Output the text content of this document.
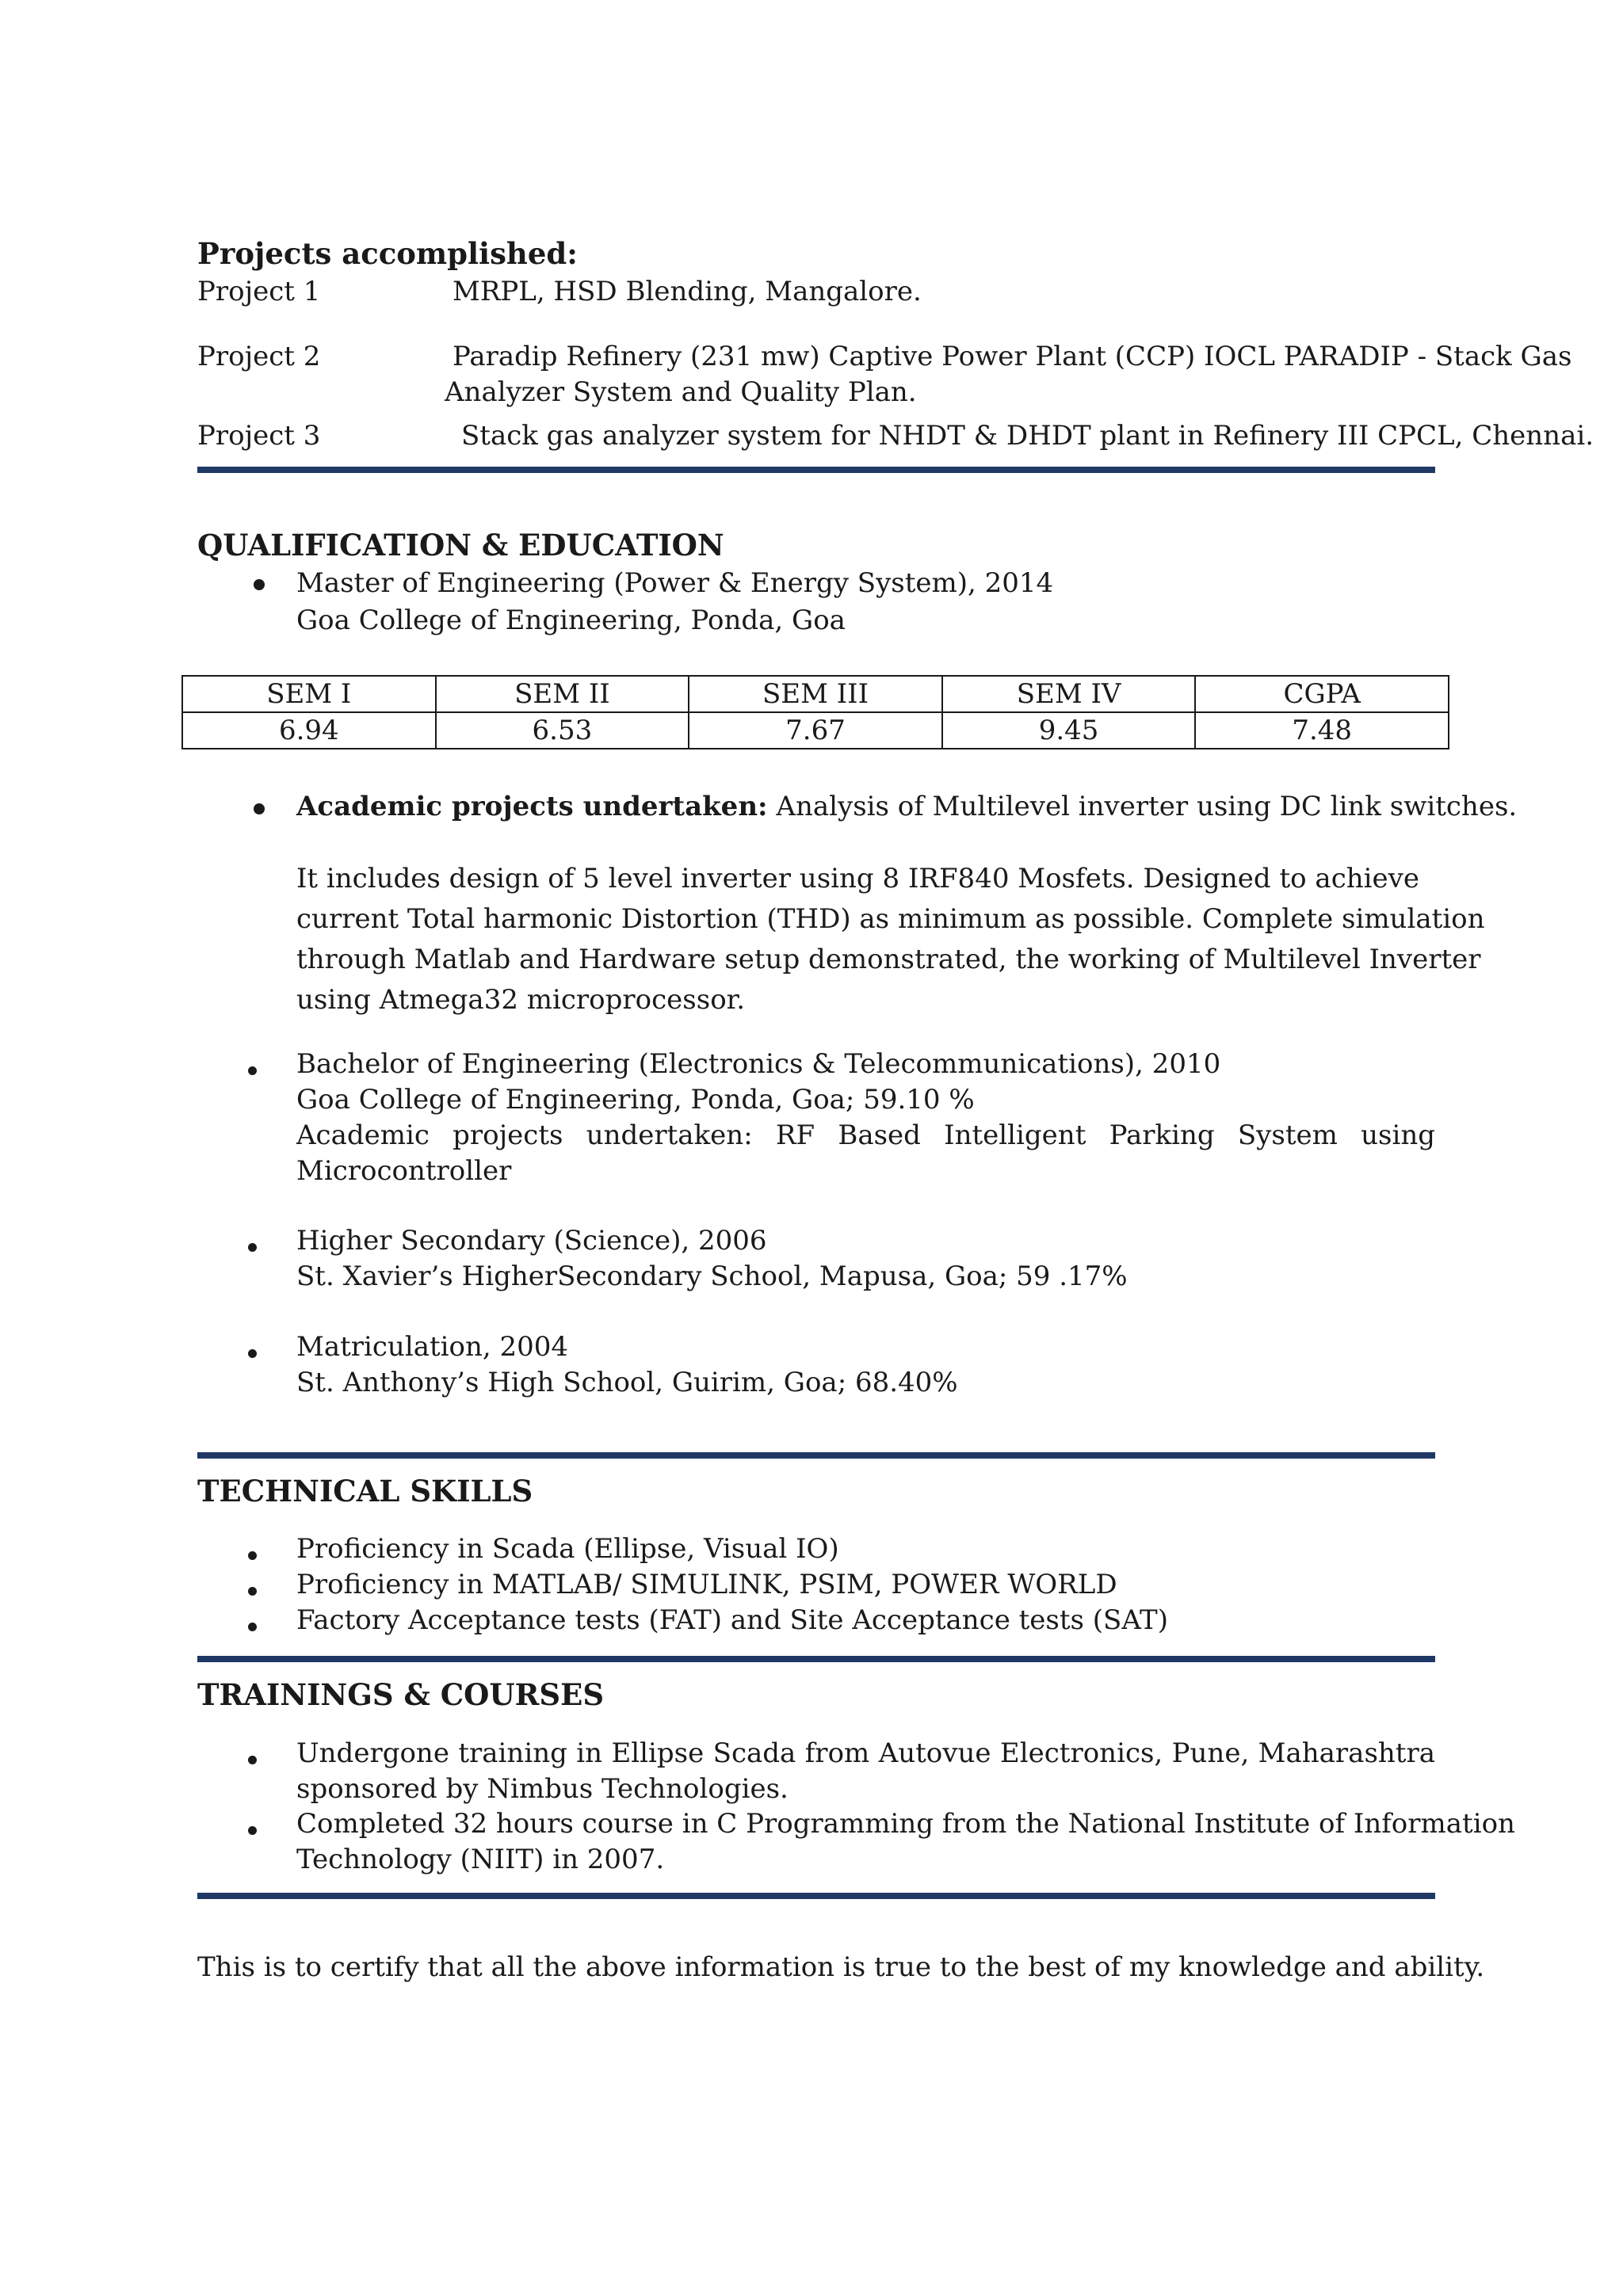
Projects accomplished:
Project 1	MRPL, HSD Blending, Mangalore.
Project 2	Paradip Refinery (231 mw) Captive Power Plant (CCP) IOCL PARADIP - Stack Gas
Analyzer System and Quality Plan.
Project 3	Stack gas analyzer system for NHDT & DHDT plant in Refinery III CPCL, Chennai.
QUALIFICATION & EDUCATION
Master of Engineering (Power & Energy System), 2014
Goa College of Engineering, Ponda, Goa
SEM I	SEM II	SEM III	SEM IV	CGPA
6.94	6.53	7.67	9.45	7.48
Academic projects undertaken: Analysis of Multilevel inverter using DC link switches.
It includes design of 5 level inverter using 8 IRF840 Mosfets. Designed to achieve
current Total harmonic Distortion (THD) as minimum as possible. Complete simulation
through Matlab and Hardware setup demonstrated, the working of Multilevel Inverter
using Atmega32 microprocessor.
Bachelor of Engineering (Electronics & Telecommunications), 2010
Goa College of Engineering, Ponda, Goa; 59.10 %
Academic projects undertaken: RF Based Intelligent Parking System using
Microcontroller
Higher Secondary (Science), 2006
St. Xavier’s HigherSecondary School, Mapusa, Goa; 59 .17%
Matriculation, 2004
St. Anthony’s High School, Guirim, Goa; 68.40%
TECHNICAL SKILLS
Proficiency in Scada (Ellipse, Visual IO)
Proficiency in MATLAB/ SIMULINK, PSIM, POWER WORLD
Factory Acceptance tests (FAT) and Site Acceptance tests (SAT)
TRAININGS & COURSES
Undergone training in Ellipse Scada from Autovue Electronics, Pune, Maharashtra
sponsored by Nimbus Technologies.
Completed 32 hours course in C Programming from the National Institute of Information
Technology (NIIT) in 2007.
This is to certify that all the above information is true to the best of my knowledge and ability.
